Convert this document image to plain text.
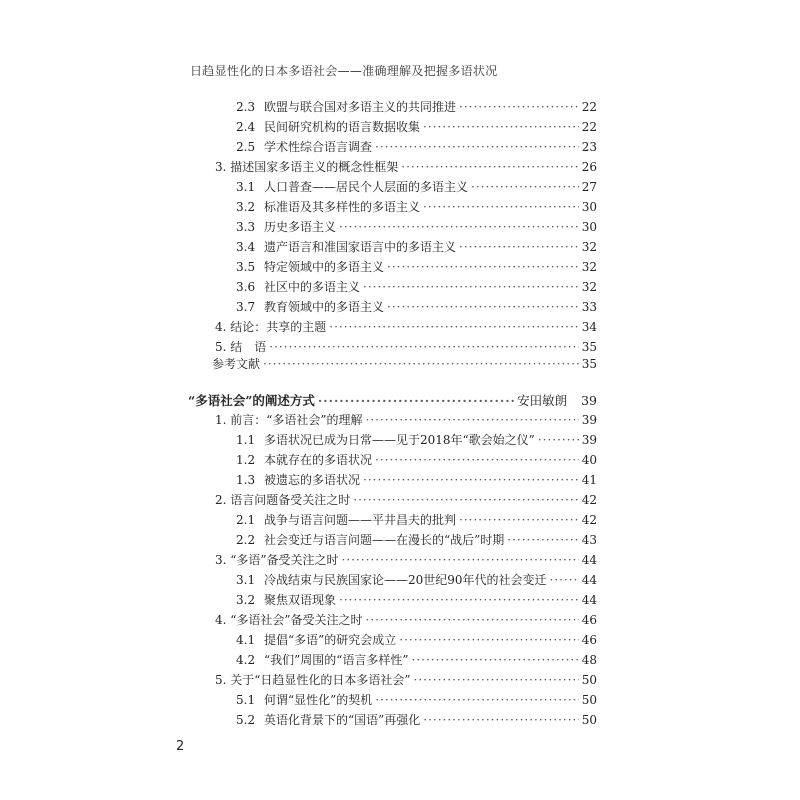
日趋显性化的日本多语社会——准确理解及把握多语状况
2.3 欧盟与联合国对多语主义的共同推进 ·····	22
2.4 民间研究机构的语言数据收集 ·····	22
2.5 学术性综合语言调查 ·····	23
3. 描述国家多语主义的概念性框架 ·····	26
3.1 人口普查——居民个人层面的多语主义 ·····	27
3.2 标准语及其多样性的多语主义 ·····	30
3.3 历史多语主义 ·····	30
3.4 遗产语言和准国家语言中的多语主义 ·····	32
3.5 特定领域中的多语主义 ·····	32
3.6 社区中的多语主义 ·····	32
3.7 教育领域中的多语主义 ·····	33
4. 结论：共享的主题 ·····	34
5. 结　语 ·····	35
参考文献 ·····	35
“多语社会”的阐述方式 ·····	安田敏朗 39
1. 前言：“多语社会”的理解 ·····	39
1.1 多语状况已成为日常——见于2018年“歌会始之仪” ·····	39
1.2 本就存在的多语状况 ·····	40
1.3 被遗忘的多语状况 ·····	41
2. 语言问题备受关注之时 ·····	42
2.1 战争与语言问题——平井昌夫的批判 ·····	42
2.2 社会变迁与语言问题——在漫长的“战后”时期 ·····	43
3. “多语”备受关注之时 ·····	44
3.1 冷战结束与民族国家论——20世纪90年代的社会变迁 ·····	44
3.2 聚焦双语现象 ·····	44
4. “多语社会”备受关注之时 ·····	46
4.1 提倡“多语”的研究会成立 ·····	46
4.2 “我们”周围的“语言多样性” ·····	48
5. 关于“日趋显性化的日本多语社会” ·····	50
5.1 何谓“显性化”的契机 ·····	50
5.2 英语化背景下的“国语”再强化 ·····	50
2
